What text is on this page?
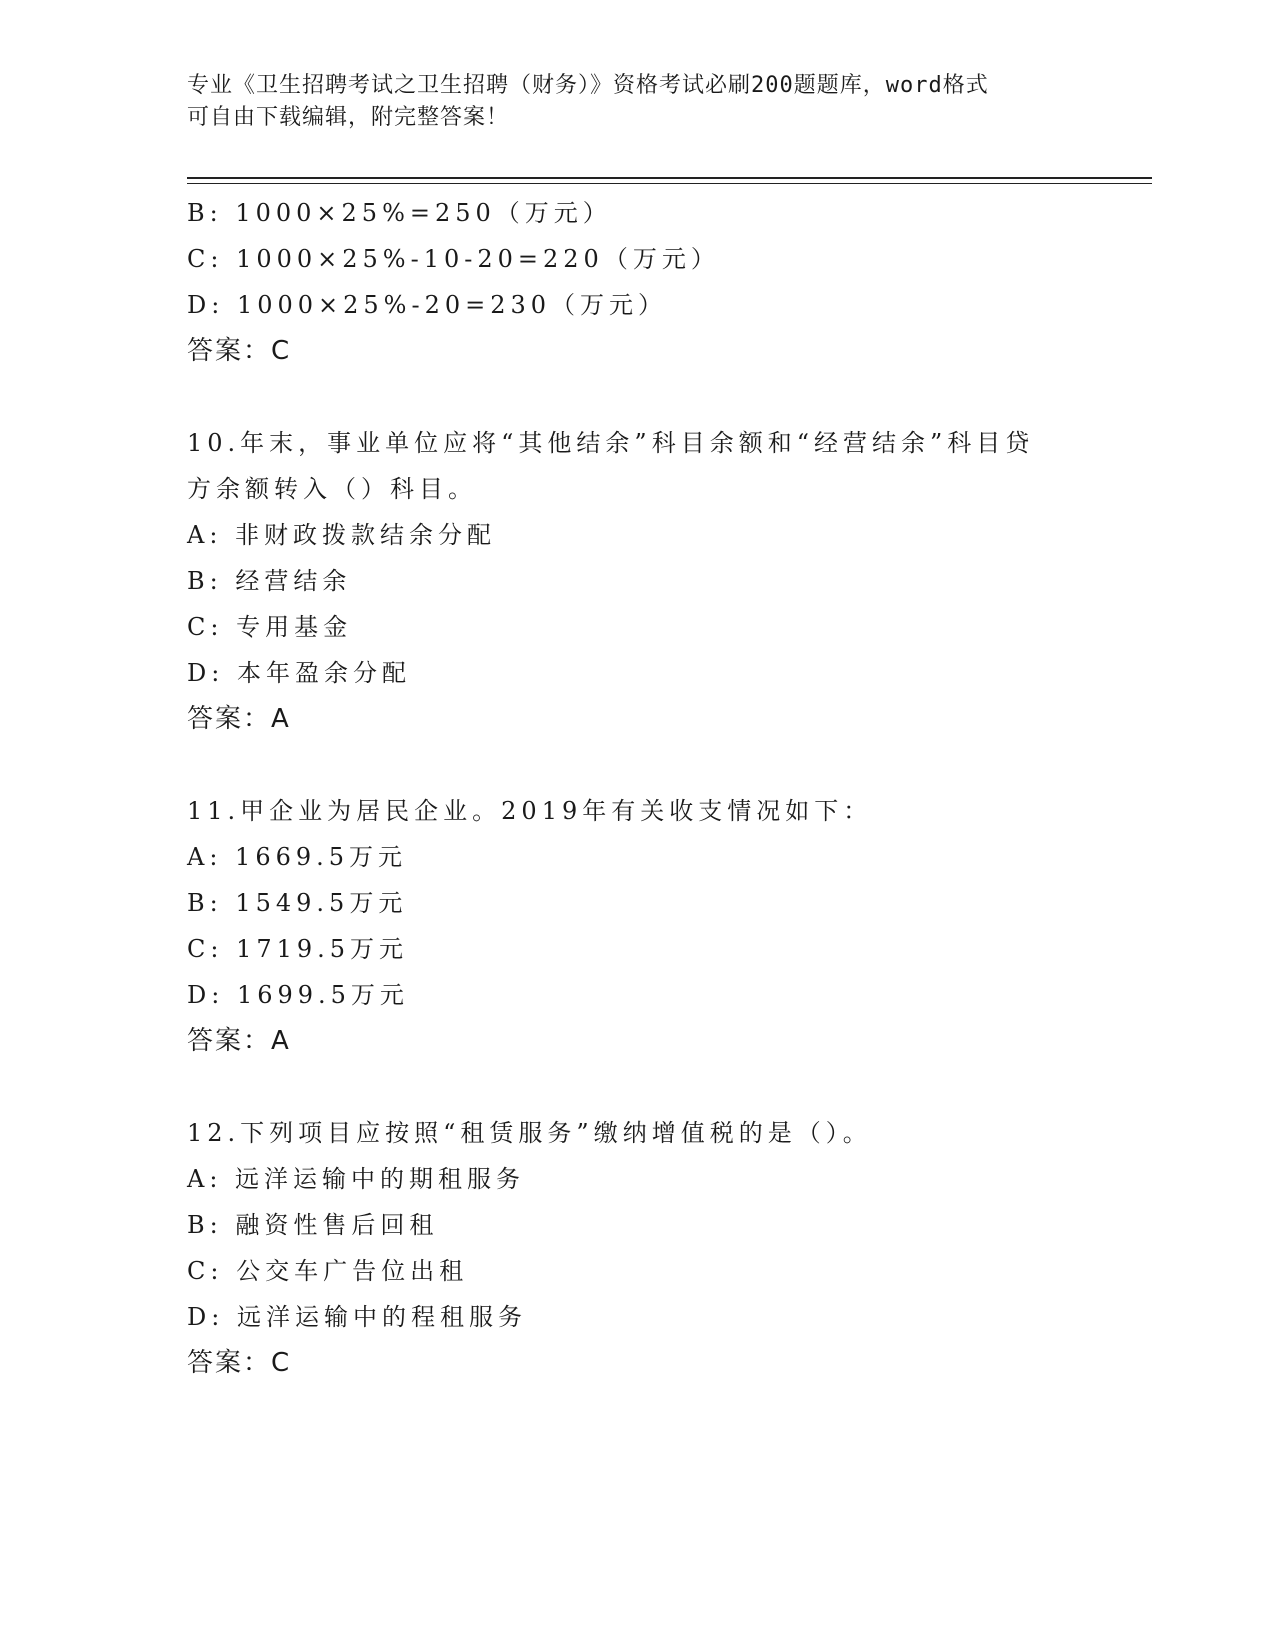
专业《卫生招聘考试之卫生招聘（财务）》资格考试必刷200题题库，word格式
可自由下载编辑，附完整答案！
B: 1000×25%=250（万元）
C: 1000×25%-10-20=220（万元）
D: 1000×25%-20=230（万元）
答案：C
10.年末，事业单位应将“其他结余”科目余额和“经营结余”科目贷
方余额转入（）科目。
A: 非财政拨款结余分配
B: 经营结余
C: 专用基金
D: 本年盈余分配
答案：A
11.甲企业为居民企业。2019年有关收支情况如下：
A: 1669.5万元
B: 1549.5万元
C: 1719.5万元
D: 1699.5万元
答案：A
12.下列项目应按照“租赁服务”缴纳增值税的是（）。
A: 远洋运输中的期租服务
B: 融资性售后回租
C: 公交车广告位出租
D: 远洋运输中的程租服务
答案：C
